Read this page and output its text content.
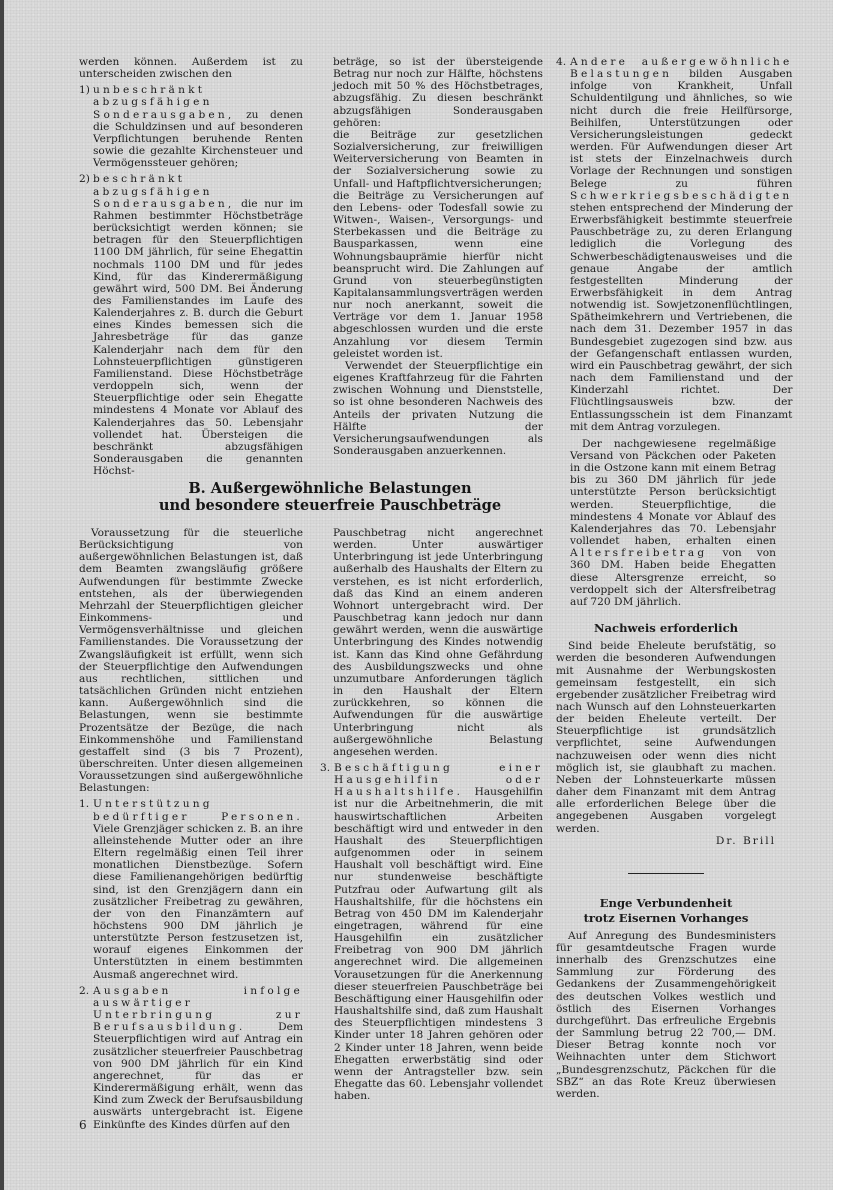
werden können. Außerdem ist zu unterscheiden zwischen den

1) unbeschränkt abzugsfähigen Sonderausgaben, zu denen die Schuldzinsen und auf besonderen Verpflichtungen beruhende Renten sowie die gezahlte Kirchensteuer und Vermögenssteuer gehören;
2) beschränkt abzugsfähigen Sonderausgaben, die nur im Rahmen bestimmter Höchstbeträge berücksichtigt werden können; sie betragen für den Steuerpflichtigen 1100 DM jährlich, für seine Ehegattin nochmals 1100 DM und für jedes Kind, für das Kinderermäßigung gewährt wird, 500 DM. Bei Änderung des Familienstandes im Laufe des Kalenderjahres z. B. durch die Geburt eines Kindes bemessen sich die Jahresbeträge für das ganze Kalenderjahr nach dem für den Lohnsteuerpflichtigen günstigeren Familienstand. Diese Höchstbeträge verdoppeln sich, wenn der Steuerpflichtige oder sein Ehegatte mindestens 4 Monate vor Ablauf des Kalenderjahres das 50. Lebensjahr vollendet hat. Übersteigen die beschränkt abzugsfähigen Sonderausgaben die genannten Höchst-

beträge, so ist der übersteigende Betrag nur noch zur Hälfte, höchstens jedoch mit 50 % des Höchstbetrages, abzugsfähig. Zu diesen beschränkt abzugsfähigen Sonderausgaben gehören:

die Beiträge zur gesetzlichen Sozialversicherung, zur freiwilligen Weiterversicherung von Beamten in der Sozialversicherung sowie zu Unfall- und Haftpflichtversicherungen;

die Beiträge zu Versicherungen auf den Lebens- oder Todesfall sowie zu Witwen-, Waisen-, Versorgungs- und Sterbekassen und die Beiträge zu Bausparkassen, wenn eine Wohnungsbauprämie hierfür nicht beansprucht wird. Die Zahlungen auf Grund von steuerbegünstigten Kapitalansammlungsverträgen werden nur noch anerkannt, soweit die Verträge vor dem 1. Januar 1958 abgeschlossen wurden und die erste Anzahlung vor diesem Termin geleistet worden ist.

Verwendet der Steuerpflichtige ein eigenes Kraftfahrzeug für die Fahrten zwischen Wohnung und Dienststelle, so ist ohne besonderen Nachweis des Anteils der privaten Nutzung die Hälfte der Versicherungsaufwendungen als Sonderausgaben anzuerkennen.

B. Außergewöhnliche Belastungen
und besondere steuerfreie Pauschbeträge

Voraussetzung für die steuerliche Berücksichtigung von außergewöhnlichen Belastungen ist, daß dem Beamten zwangsläufig größere Aufwendungen für bestimmte Zwecke entstehen, als der überwiegenden Mehrzahl der Steuerpflichtigen gleicher Einkommens- und Vermögensverhältnisse und gleichen Familienstandes. Die Voraussetzung der Zwangsläufigkeit ist erfüllt, wenn sich der Steuerpflichtige den Aufwendungen aus rechtlichen, sittlichen und tatsächlichen Gründen nicht entziehen kann. Außergewöhnlich sind die Belastungen, wenn sie bestimmte Prozentsätze der Bezüge, die nach Einkommenshöhe und Familienstand gestaffelt sind (3 bis 7 Prozent), überschreiten. Unter diesen allgemeinen Voraussetzungen sind außergewöhnliche Belastungen:

1. Unterstützung bedürftiger Personen. Viele Grenzjäger schicken z. B. an ihre alleinstehende Mutter oder an ihre Eltern regelmäßig einen Teil ihrer monatlichen Dienstbezüge. Sofern diese Familienangehörigen bedürftig sind, ist den Grenzjägern dann ein zusätzlicher Freibetrag zu gewähren, der von den Finanzämtern auf höchstens 900 DM jährlich je unterstützte Person festzusetzen ist, worauf eigenes Einkommen der Unterstützten in einem bestimmten Ausmaß angerechnet wird.
2. Ausgaben infolge auswärtiger Unterbringung zur Berufsausbildung. Dem Steuerpflichtigen wird auf Antrag ein zusätzlicher steuerfreier Pauschbetrag von 900 DM jährlich für ein Kind angerechnet, für das er Kinderermäßigung erhält, wenn das Kind zum Zweck der Berufsausbildung auswärts untergebracht ist. Eigene Einkünfte des Kindes dürfen auf den

Pauschbetrag nicht angerechnet werden. Unter auswärtiger Unterbringung ist jede Unterbringung außerhalb des Haushalts der Eltern zu verstehen, es ist nicht erforderlich, daß das Kind an einem anderen Wohnort untergebracht wird. Der Pauschbetrag kann jedoch nur dann gewährt werden, wenn die auswärtige Unterbringung des Kindes notwendig ist. Kann das Kind ohne Gefährdung des Ausbildungszwecks und ohne unzumutbare Anforderungen täglich in den Haushalt der Eltern zurückkehren, so können die Aufwendungen für die auswärtige Unterbringung nicht als außergewöhnliche Belastung angesehen werden.

3. Beschäftigung einer Hausgehilfin oder Haushaltshilfe. Hausgehilfin ist nur die Arbeitnehmerin, die mit hauswirtschaftlichen Arbeiten beschäftigt wird und entweder in den Haushalt des Steuerpflichtigen aufgenommen oder in seinem Haushalt voll beschäftigt wird. Eine nur stundenweise beschäftigte Putzfrau oder Aufwartung gilt als Haushaltshilfe, für die höchstens ein Betrag von 450 DM im Kalenderjahr eingetragen, während für eine Hausgehilfin ein zusätzlicher Freibetrag von 900 DM jährlich angerechnet wird. Die allgemeinen Vorausetzungen für die Anerkennung dieser steuerfreien Pauschbeträge bei Beschäftigung einer Hausgehilfin oder Haushaltshilfe sind, daß zum Haushalt des Steuerpflichtigen mindestens 3 Kinder unter 18 Jahren gehören oder 2 Kinder unter 18 Jahren, wenn beide Ehegatten erwerbstätig sind oder wenn der Antragsteller bzw. sein Ehegatte das 60. Lebensjahr vollendet haben.
4. Andere außergewöhnliche Belastungen bilden Ausgaben infolge von Krankheit, Unfall Schuldentilgung und ähnliches, so wie nicht durch die freie Heilfürsorge, Beihilfen, Unterstützungen oder Versicherungsleistungen gedeckt werden. Für Aufwendungen dieser Art ist stets der Einzelnachweis durch Vorlage der Rechnungen und sonstigen Belege zu führen Schwerkriegsbeschädigten stehen entsprechend der Minderung der Erwerbsfähigkeit bestimmte steuerfreie Pauschbeträge zu, zu deren Erlangung lediglich die Vorlegung des Schwerbeschädigtenausweises und die genaue Angabe der amtlich festgestellten Minderung der Erwerbsfähigkeit in dem Antrag notwendig ist. Sowjetzonenflüchtlingen, Spätheimkehrern und Vertriebenen, die nach dem 31. Dezember 1957 in das Bundesgebiet zugezogen sind bzw. aus der Gefangenschaft entlassen wurden, wird ein Pauschbetrag gewährt, der sich nach dem Familienstand und der Kinderzahl richtet. Der Flüchtlingsausweis bzw. der Entlassungsschein ist dem Finanzamt mit dem Antrag vorzulegen.

Der nachgewiesene regelmäßige Versand von Päckchen oder Paketen in die Ostzone kann mit einem Betrag bis zu 360 DM jährlich für jede unterstützte Person berücksichtigt werden. Steuerpflichtige, die mindestens 4 Monate vor Ablauf des Kalenderjahres das 70. Lebensjahr vollendet haben, erhalten einen Altersfreibetrag von von 360 DM. Haben beide Ehegatten diese Altersgrenze erreicht, so verdoppelt sich der Altersfreibetrag auf 720 DM jährlich.

Nachweis erforderlich

Sind beide Eheleute berufstätig, so werden die besonderen Aufwendungen mit Ausnahme der Werbungskosten gemeinsam festgestellt, ein sich ergebender zusätzlicher Freibetrag wird nach Wunsch auf den Lohnsteuerkarten der beiden Eheleute verteilt. Der Steuerpflichtige ist grundsätzlich verpflichtet, seine Aufwendungen nachzuweisen oder wenn dies nicht möglich ist, sie glaubhaft zu machen. Neben der Lohnsteuerkarte müssen daher dem Finanzamt mit dem Antrag alle erforderlichen Belege über die angegebenen Ausgaben vorgelegt werden.

Dr. Brill

Enge Verbundenheit
trotz Eisernen Vorhanges

Auf Anregung des Bundesministers für gesamtdeutsche Fragen wurde innerhalb des Grenzschutzes eine Sammlung zur Förderung des Gedankens der Zusammengehörigkeit des deutschen Volkes westlich und östlich des Eisernen Vorhanges durchgeführt. Das erfreuliche Ergebnis der Sammlung betrug 22 700,— DM. Dieser Betrag konnte noch vor Weihnachten unter dem Stichwort „Bundesgrenzschutz, Päckchen für die SBZ“ an das Rote Kreuz überwiesen werden.

6
